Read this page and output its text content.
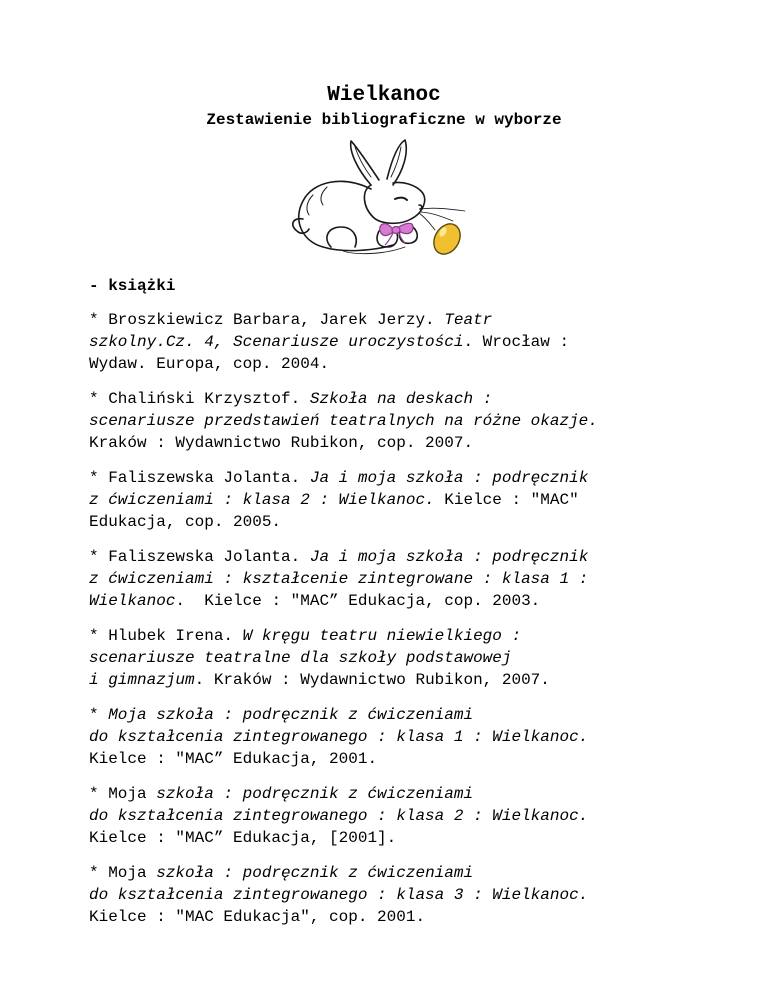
Wielkanoc
Zestawienie bibliograficzne w wyborze
- książki
* Broszkiewicz Barbara, Jarek Jerzy. Teatr
szkolny.Cz. 4, Scenariusze uroczystości. Wrocław :
Wydaw. Europa, cop. 2004.
* Chaliński Krzysztof. Szkoła na deskach :
scenariusze przedstawień teatralnych na różne okazje.
Kraków : Wydawnictwo Rubikon, cop. 2007.
* Faliszewska Jolanta. Ja i moja szkoła : podręcznik
z ćwiczeniami : klasa 2 : Wielkanoc. Kielce : "MAC"
Edukacja, cop. 2005.
* Faliszewska Jolanta. Ja i moja szkoła : podręcznik
z ćwiczeniami : kształcenie zintegrowane : klasa 1 :
Wielkanoc.  Kielce : "MAC” Edukacja, cop. 2003.
* Hlubek Irena. W kręgu teatru niewielkiego :
scenariusze teatralne dla szkoły podstawowej
i gimnazjum. Kraków : Wydawnictwo Rubikon, 2007.
* Moja szkoła : podręcznik z ćwiczeniami
do kształcenia zintegrowanego : klasa 1 : Wielkanoc.
Kielce : "MAC” Edukacja, 2001.
* Moja szkoła : podręcznik z ćwiczeniami
do kształcenia zintegrowanego : klasa 2 : Wielkanoc.
Kielce : "MAC” Edukacja, [2001].
* Moja szkoła : podręcznik z ćwiczeniami
do kształcenia zintegrowanego : klasa 3 : Wielkanoc.
Kielce : "MAC Edukacja", cop. 2001.
